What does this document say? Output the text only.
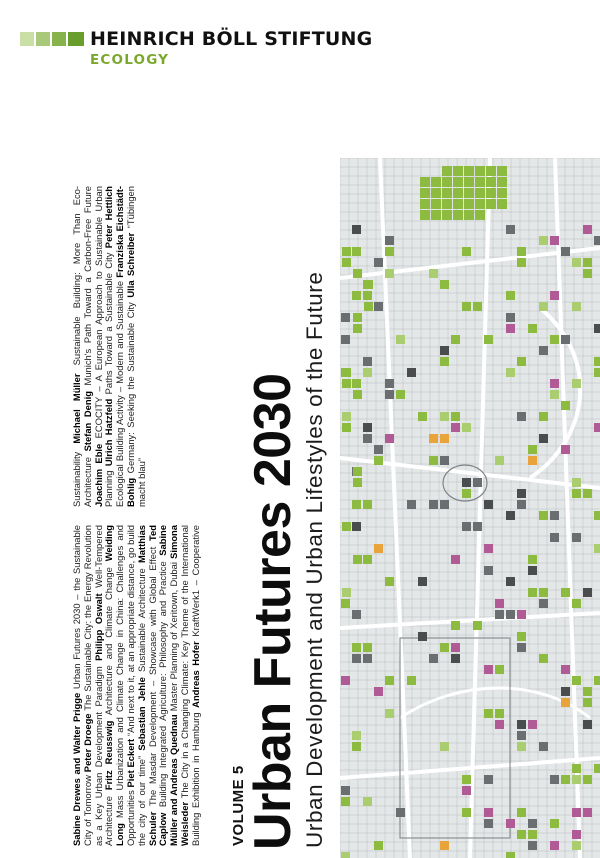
HEINRICH BÖLL STIFTUNG
ECOLOGY
Sabine Drewes and Walter Prigge Urban Futures 2030 – the Sustainable City of Tomorrow Peter Droege The Sustainable City: the Energy Revolution as a Key Urban Development Paradigm Philipp Oswalt Well-Tempered Architecture Fritz Reusswig Architecture and Climate Change Weiding Long Mass Urbanization and Climate Change in China: Challenges and Opportunities Piet Eckert “And next to it, at an appropriate distance, go build the city of our time” Sebastian Jehle Sustainable Architecture Matthias Schuler The Masdar Development – Showcase with Global Effect Ted Caplow Building Integrated Agriculture: Philosophy and Practice Sabine Müller and Andreas Quednau Master Planning of Xeritown, Dubai Simona Weisleder The City in a Changing Climate: Key Theme of the International Building Exhibition in Hamburg Andreas Hofer KraftWerk1 – Cooperative Sustainability Michael Müller Sustainable Building: More Than Eco-Architecture Stefan Denig Munich's Path Toward a Carbon-Free Future Joachim Eble ECOCITY – A European Approach to Sustainable Urban Planning Ulrich Hatzfeld Paths Toward a Sustainable City Peter Hettlich Ecological Building Activity – Modern and Sustainable Franziska Eichstädt-Bohlig Germany: Seeking the Sustainable City Ulla Schreiber “Tübingen macht blau”
VOLUME 5
Urban Futures 2030 Urban Development and Urban Lifestyles of the Future
